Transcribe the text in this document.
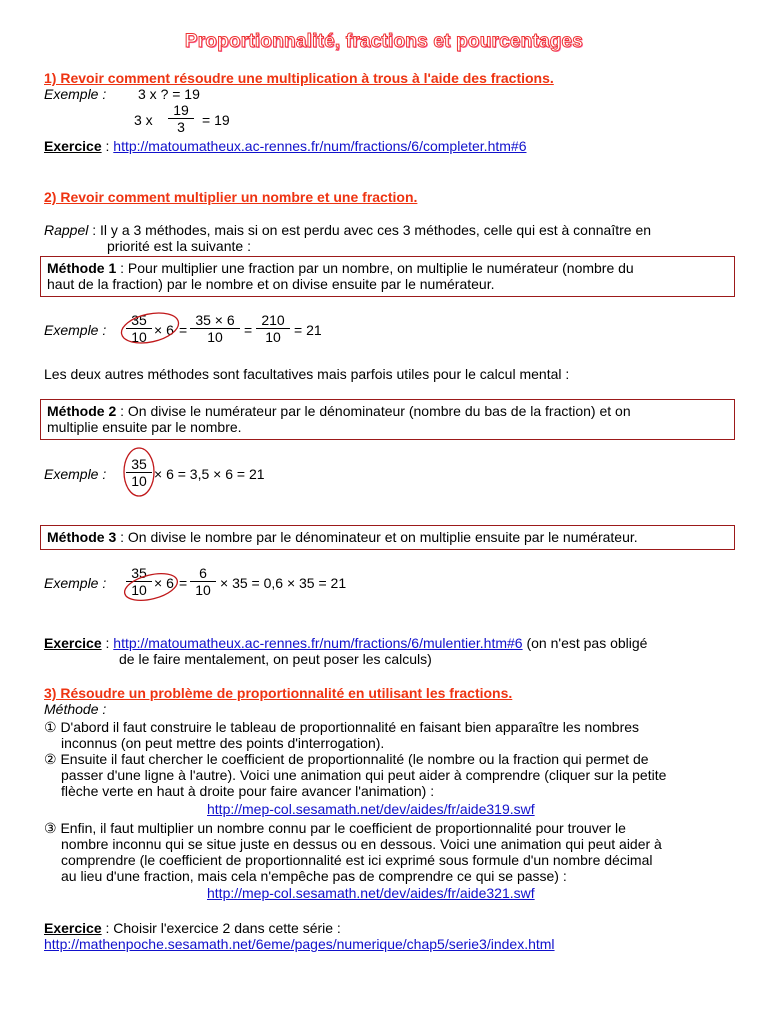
Proportionnalité, fractions et pourcentages
1) Revoir comment résoudre une multiplication à trous à l'aide des fractions.
Exemple : 3 x ? = 19
3 x $\frac{19}{3} = 19$
Exercice : http://matoumatheux.ac-rennes.fr/num/fractions/6/completer.htm#6
2) Revoir comment multiplier un nombre et une fraction.
Rappel : Il y a 3 méthodes, mais si on est perdu avec ces 3 méthodes, celle qui est à connaître en
priorité est la suivante :
Méthode 1 : Pour multiplier une fraction par un nombre, on multiplie le numérateur (nombre du
haut de la fraction) par le nombre et on divise ensuite par le numérateur.
Exemple : $\frac{35}{10} \times 6 = \frac{35 \times 6}{10} = \frac{210}{10} = 21$
Les deux autres méthodes sont facultatives mais parfois utiles pour le calcul mental :
Méthode 2 : On divise le numérateur par le dénominateur (nombre du bas de la fraction) et on
multiplie ensuite par le nombre.
Exemple : $\frac{35}{10} \times 6 = 3,5 \times 6 = 21$
Méthode 3 : On divise le nombre par le dénominateur et on multiplie ensuite par le numérateur.
Exemple : $\frac{35}{10} \times 6 = \frac{6}{10} \times 35 = 0,6 \times 35 = 21$
Exercice : http://matoumatheux.ac-rennes.fr/num/fractions/6/mulentier.htm#6 (on n'est pas obligé
de le faire mentalement, on peut poser les calculs)
3) Résoudre un problème de proportionnalité en utilisant les fractions.
Méthode :
① D'abord il faut construire le tableau de proportionnalité en faisant bien apparaître les nombres
inconnus (on peut mettre des points d'interrogation).
② Ensuite il faut chercher le coefficient de proportionnalité (le nombre ou la fraction qui permet de
passer d'une ligne à l'autre). Voici une animation qui peut aider à comprendre (cliquer sur la petite
flèche verte en haut à droite pour faire avancer l'animation) :
http://mep-col.sesamath.net/dev/aides/fr/aide319.swf
③ Enfin, il faut multiplier un nombre connu par le coefficient de proportionnalité pour trouver le
nombre inconnu qui se situe juste en dessus ou en dessous. Voici une animation qui peut aider à
comprendre (le coefficient de proportionnalité est ici exprimé sous formule d'un nombre décimal
au lieu d'une fraction, mais cela n'empêche pas de comprendre ce qui se passe) :
http://mep-col.sesamath.net/dev/aides/fr/aide321.swf
Exercice : Choisir l'exercice 2 dans cette série :
http://mathenpoche.sesamath.net/6eme/pages/numerique/chap5/serie3/index.html
